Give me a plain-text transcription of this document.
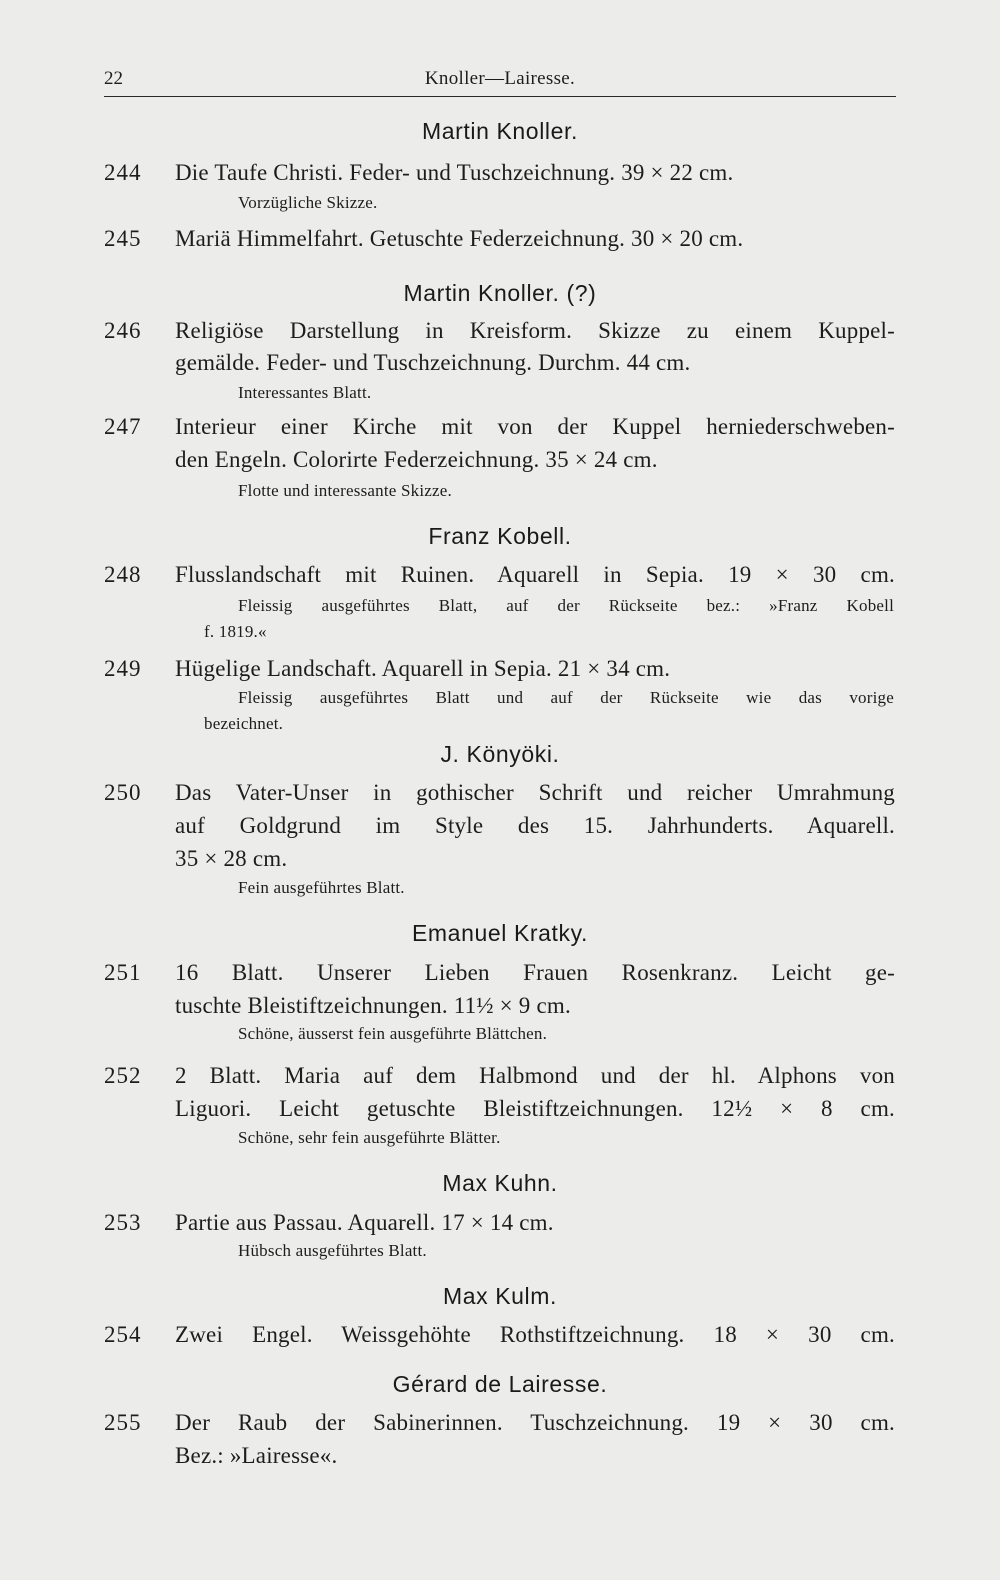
22	Knoller—Lairesse.
Martin Knoller.
244 Die Taufe Christi. Feder- und Tuschzeichnung. 39 × 22 cm.
Vorzügliche Skizze.
245 Mariä Himmelfahrt. Getuschte Federzeichnung. 30 × 20 cm.
Martin Knoller. (?)
246 Religiöse Darstellung in Kreisform. Skizze zu einem Kuppel-
gemälde. Feder- und Tuschzeichnung. Durchm. 44 cm.
Interessantes Blatt.
247 Interieur einer Kirche mit von der Kuppel herniederschweben-
den Engeln. Colorirte Federzeichnung. 35 × 24 cm.
Flotte und interessante Skizze.
Franz Kobell.
248 Flusslandschaft mit Ruinen. Aquarell in Sepia. 19 × 30 cm.
Fleissig ausgeführtes Blatt, auf der Rückseite bez.: »Franz Kobell
f. 1819.«
249 Hügelige Landschaft. Aquarell in Sepia. 21 × 34 cm.
Fleissig ausgeführtes Blatt und auf der Rückseite wie das vorige
bezeichnet.
J. Könyöki.
250 Das Vater-Unser in gothischer Schrift und reicher Umrahmung
auf Goldgrund im Style des 15. Jahrhunderts. Aquarell.
35 × 28 cm.
Fein ausgeführtes Blatt.
Emanuel Kratky.
251 16 Blatt. Unserer Lieben Frauen Rosenkranz. Leicht ge-
tuschte Bleistiftzeichnungen. 11½ × 9 cm.
Schöne, äusserst fein ausgeführte Blättchen.
252 2 Blatt. Maria auf dem Halbmond und der hl. Alphons von
Liguori. Leicht getuschte Bleistiftzeichnungen. 12½ × 8 cm.
Schöne, sehr fein ausgeführte Blätter.
Max Kuhn.
253 Partie aus Passau. Aquarell. 17 × 14 cm.
Hübsch ausgeführtes Blatt.
Max Kulm.
254 Zwei Engel. Weissgehöhte Rothstiftzeichnung. 18 × 30 cm.
Gérard de Lairesse.
255 Der Raub der Sabinerinnen. Tuschzeichnung. 19 × 30 cm.
Bez.: »Lairesse«.
